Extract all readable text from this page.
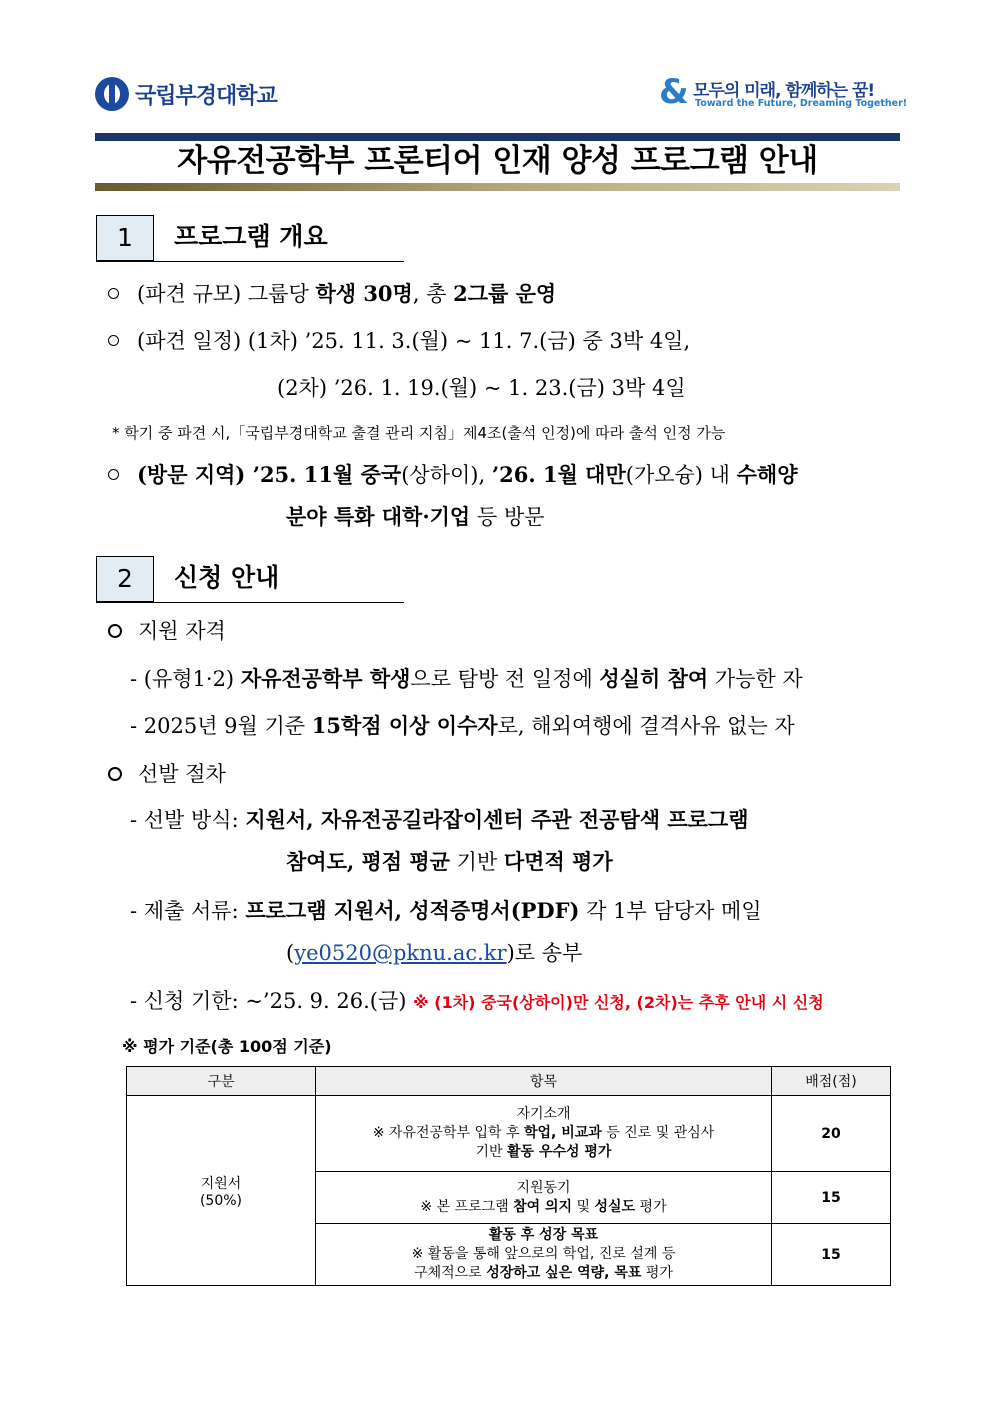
국립부경대학교	& 모두의 미래, 함께하는 꿈!
Toward the Future, Dreaming Together!
자유전공학부 프론티어 인재 양성 프로그램 안내
1	프로그램 개요
(파견 규모) 그룹당 학생 30명, 총 2그룹 운영
(파견 일정) (1차) ’25. 11. 3.(월) ~ 11. 7.(금) 중 3박 4일,
(2차) ’26. 1. 19.(월) ~ 1. 23.(금) 3박 4일
* 학기 중 파견 시,「국립부경대학교 출결 관리 지침」제4조(출석 인정)에 따라 출석 인정 가능
(방문 지역) ’25. 11월 중국(상하이), ’26. 1월 대만(가오슝) 내 수해양
분야 특화 대학·기업 등 방문
2	신청 안내
지원 자격
- (유형1·2) 자유전공학부 학생으로 탐방 전 일정에 성실히 참여 가능한 자
- 2025년 9월 기준 15학점 이상 이수자로, 해외여행에 결격사유 없는 자
선발 절차
- 선발 방식: 지원서, 자유전공길라잡이센터 주관 전공탐색 프로그램
참여도, 평점 평균 기반 다면적 평가
- 제출 서류: 프로그램 지원서, 성적증명서(PDF) 각 1부 담당자 메일
(ye0520@pknu.ac.kr)로 송부
- 신청 기한: ~’25. 9. 26.(금) ※ (1차) 중국(상하이)만 신청, (2차)는 추후 안내 시 신청
※ 평가 기준(총 100점 기준)
구분	항목	배점(점)
지원서
(50%)	자기소개
※ 자유전공학부 입학 후 학업, 비교과 등 진로 및 관심사
기반 활동 우수성 평가	20
	지원동기
※ 본 프로그램 참여 의지 및 성실도 평가	15
	활동 후 성장 목표
※ 활동을 통해 앞으로의 학업, 진로 설계 등
구체적으로 성장하고 싶은 역량, 목표 평가	15
